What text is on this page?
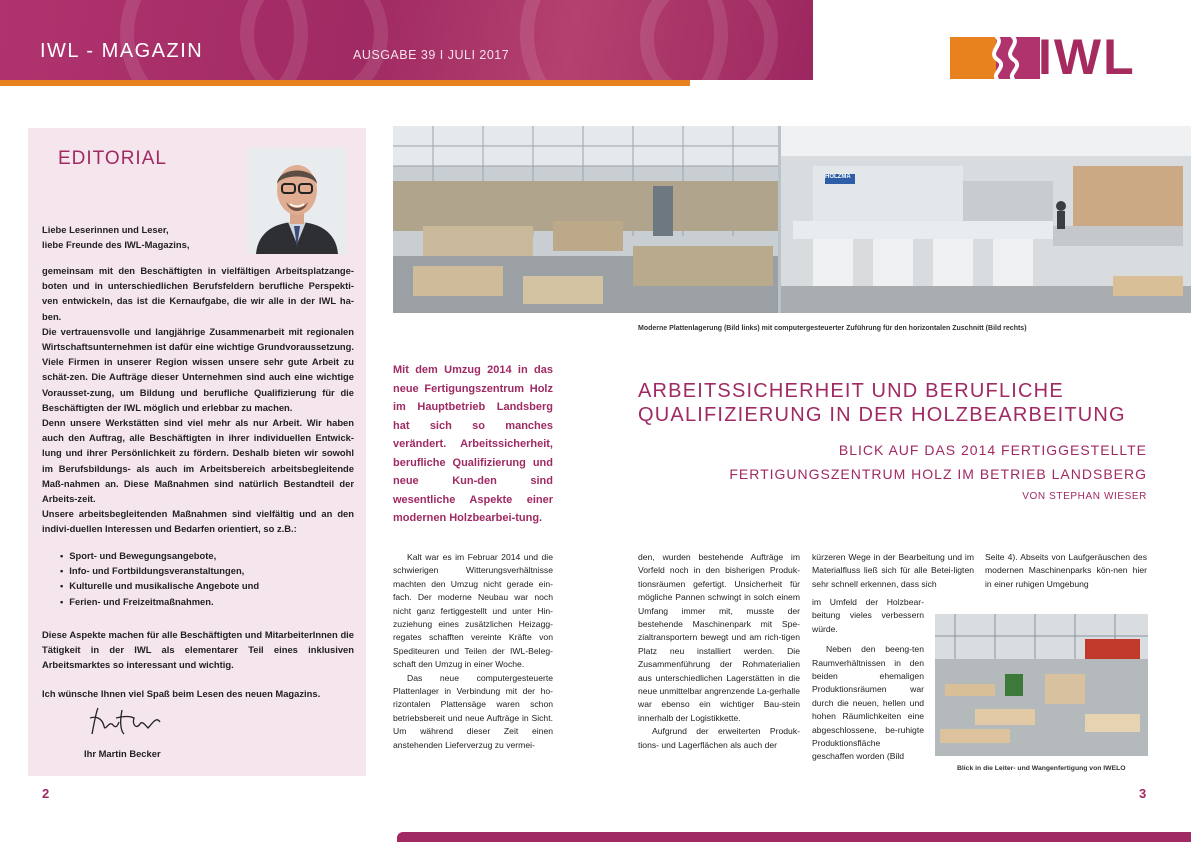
IWL - MAGAZIN	AUSGABE 39 I JULI 2017	IWL
EDITORIAL
Liebe Leserinnen und Leser,
liebe Freunde des IWL-Magazins,
gemeinsam mit den Beschäftigten in vielfältigen Arbeitsplatzange-boten und in unterschiedlichen Berufsfeldern berufliche Perspekti-ven entwickeln, das ist die Kernaufgabe, die wir alle in der IWL ha-ben.
Die vertrauensvolle und langjährige Zusammenarbeit mit regionalen Wirtschaftsunternehmen ist dafür eine wichtige Grundvoraussetzung. Viele Firmen in unserer Region wissen unsere sehr gute Arbeit zu schät-zen. Die Aufträge dieser Unternehmen sind auch eine wichtige Vorausset-zung, um Bildung und berufliche Qualifizierung für die Beschäftigten der IWL möglich und erlebbar zu machen.
Denn unsere Werkstätten sind viel mehr als nur Arbeit. Wir haben auch den Auftrag, alle Beschäftigten in ihrer individuellen Entwick-lung und ihrer Persönlichkeit zu fördern. Deshalb bieten wir sowohl im Berufsbildungs- als auch im Arbeitsbereich arbeitsbegleitende Maß-nahmen an. Diese Maßnahmen sind natürlich Bestandteil der Arbeits-zeit.
Unsere arbeitsbegleitenden Maßnahmen sind vielfältig und an den indivi-duellen Interessen und Bedarfen orientiert, so z.B.:
• Sport- und Bewegungsangebote,
• Info- und Fortbildungsveranstaltungen,
• Kulturelle und musikalische Angebote und
• Ferien- und Freizeitmaßnahmen.
Diese Aspekte machen für alle Beschäftigten und MitarbeiterInnen die Tätigkeit in der IWL als elementarer Teil eines inklusiven Arbeitsmarktes so interessant und wichtig.
Ich wünsche Ihnen viel Spaß beim Lesen des neuen Magazins.
Ihr Martin Becker
2	3
HOLZMA
Moderne Plattenlagerung (Bild links) mit computergesteuerter Zuführung für den horizontalen Zuschnitt (Bild rechts)
Mit dem Umzug 2014 in das neue Fertigungszentrum Holz im Hauptbetrieb Landsberg hat sich so manches verändert. Arbeitssicherheit, berufliche Qualifizierung und neue Kun-den sind wesentliche Aspekte einer modernen Holzbearbei-tung.
ARBEITSSICHERHEIT UND BERUFLICHE
QUALIFIZIERUNG IN DER HOLZBEARBEITUNG
BLICK AUF DAS 2014 FERTIGGESTELLTE
FERTIGUNGSZENTRUM HOLZ IM BETRIEB LANDSBERG
VON STEPHAN WIESER

Kalt war es im Februar 2014 und die schwierigen Witterungsverhältnisse machten den Umzug nicht gerade ein-fach. Der moderne Neubau war noch nicht ganz fertiggestellt und unter Hin-zuziehung eines zusätzlichen Heizagg-regates schafften vereinte Kräfte von Spediteuren und Teilen der IWL-Beleg-schaft den Umzug in einer Woche.

Das neue computergesteuerte Plattenlager in Verbindung mit der ho-rizontalen Plattensäge waren schon betriebsbereit und neue Aufträge in Sicht. Um während dieser Zeit einen anstehenden Lieferverzug zu vermei-

den, wurden bestehende Aufträge im Vorfeld noch in den bisherigen Produk-tionsräumen gefertigt. Unsicherheit für mögliche Pannen schwingt in solch einem Umfang immer mit, musste der bestehende Maschinenpark mit Spe-zialtransportern bewegt und am rich-tigen Platz neu installiert werden. Die Zusammenführung der Rohmaterialien aus unterschiedlichen Lagerstätten in die neue unmittelbar angrenzende La-gerhalle war ebenso ein wichtiger Bau-stein innerhalb der Logistikkette.

Aufgrund der erweiterten Produk-tions- und Lagerflächen als auch der

kürzeren Wege in der Bearbeitung und im Materialfluss ließ sich für alle Betei-ligten sehr schnell erkennen, dass sich

im Umfeld der Holzbear-beitung vieles verbessern würde.

Neben den beeng-ten Raumverhältnissen in den beiden ehemaligen Produktionsräumen war durch die neuen, hellen und hohen Räumlichkeiten eine abgeschlossene, be-ruhigte Produktionsfläche geschaffen worden (Bild

Seite 4). Abseits von Laufgeräuschen des modernen Maschinenparks kön-nen hier in einer ruhigen Umgebung

Blick in die Leiter- und Wangenfertigung von IWELO
